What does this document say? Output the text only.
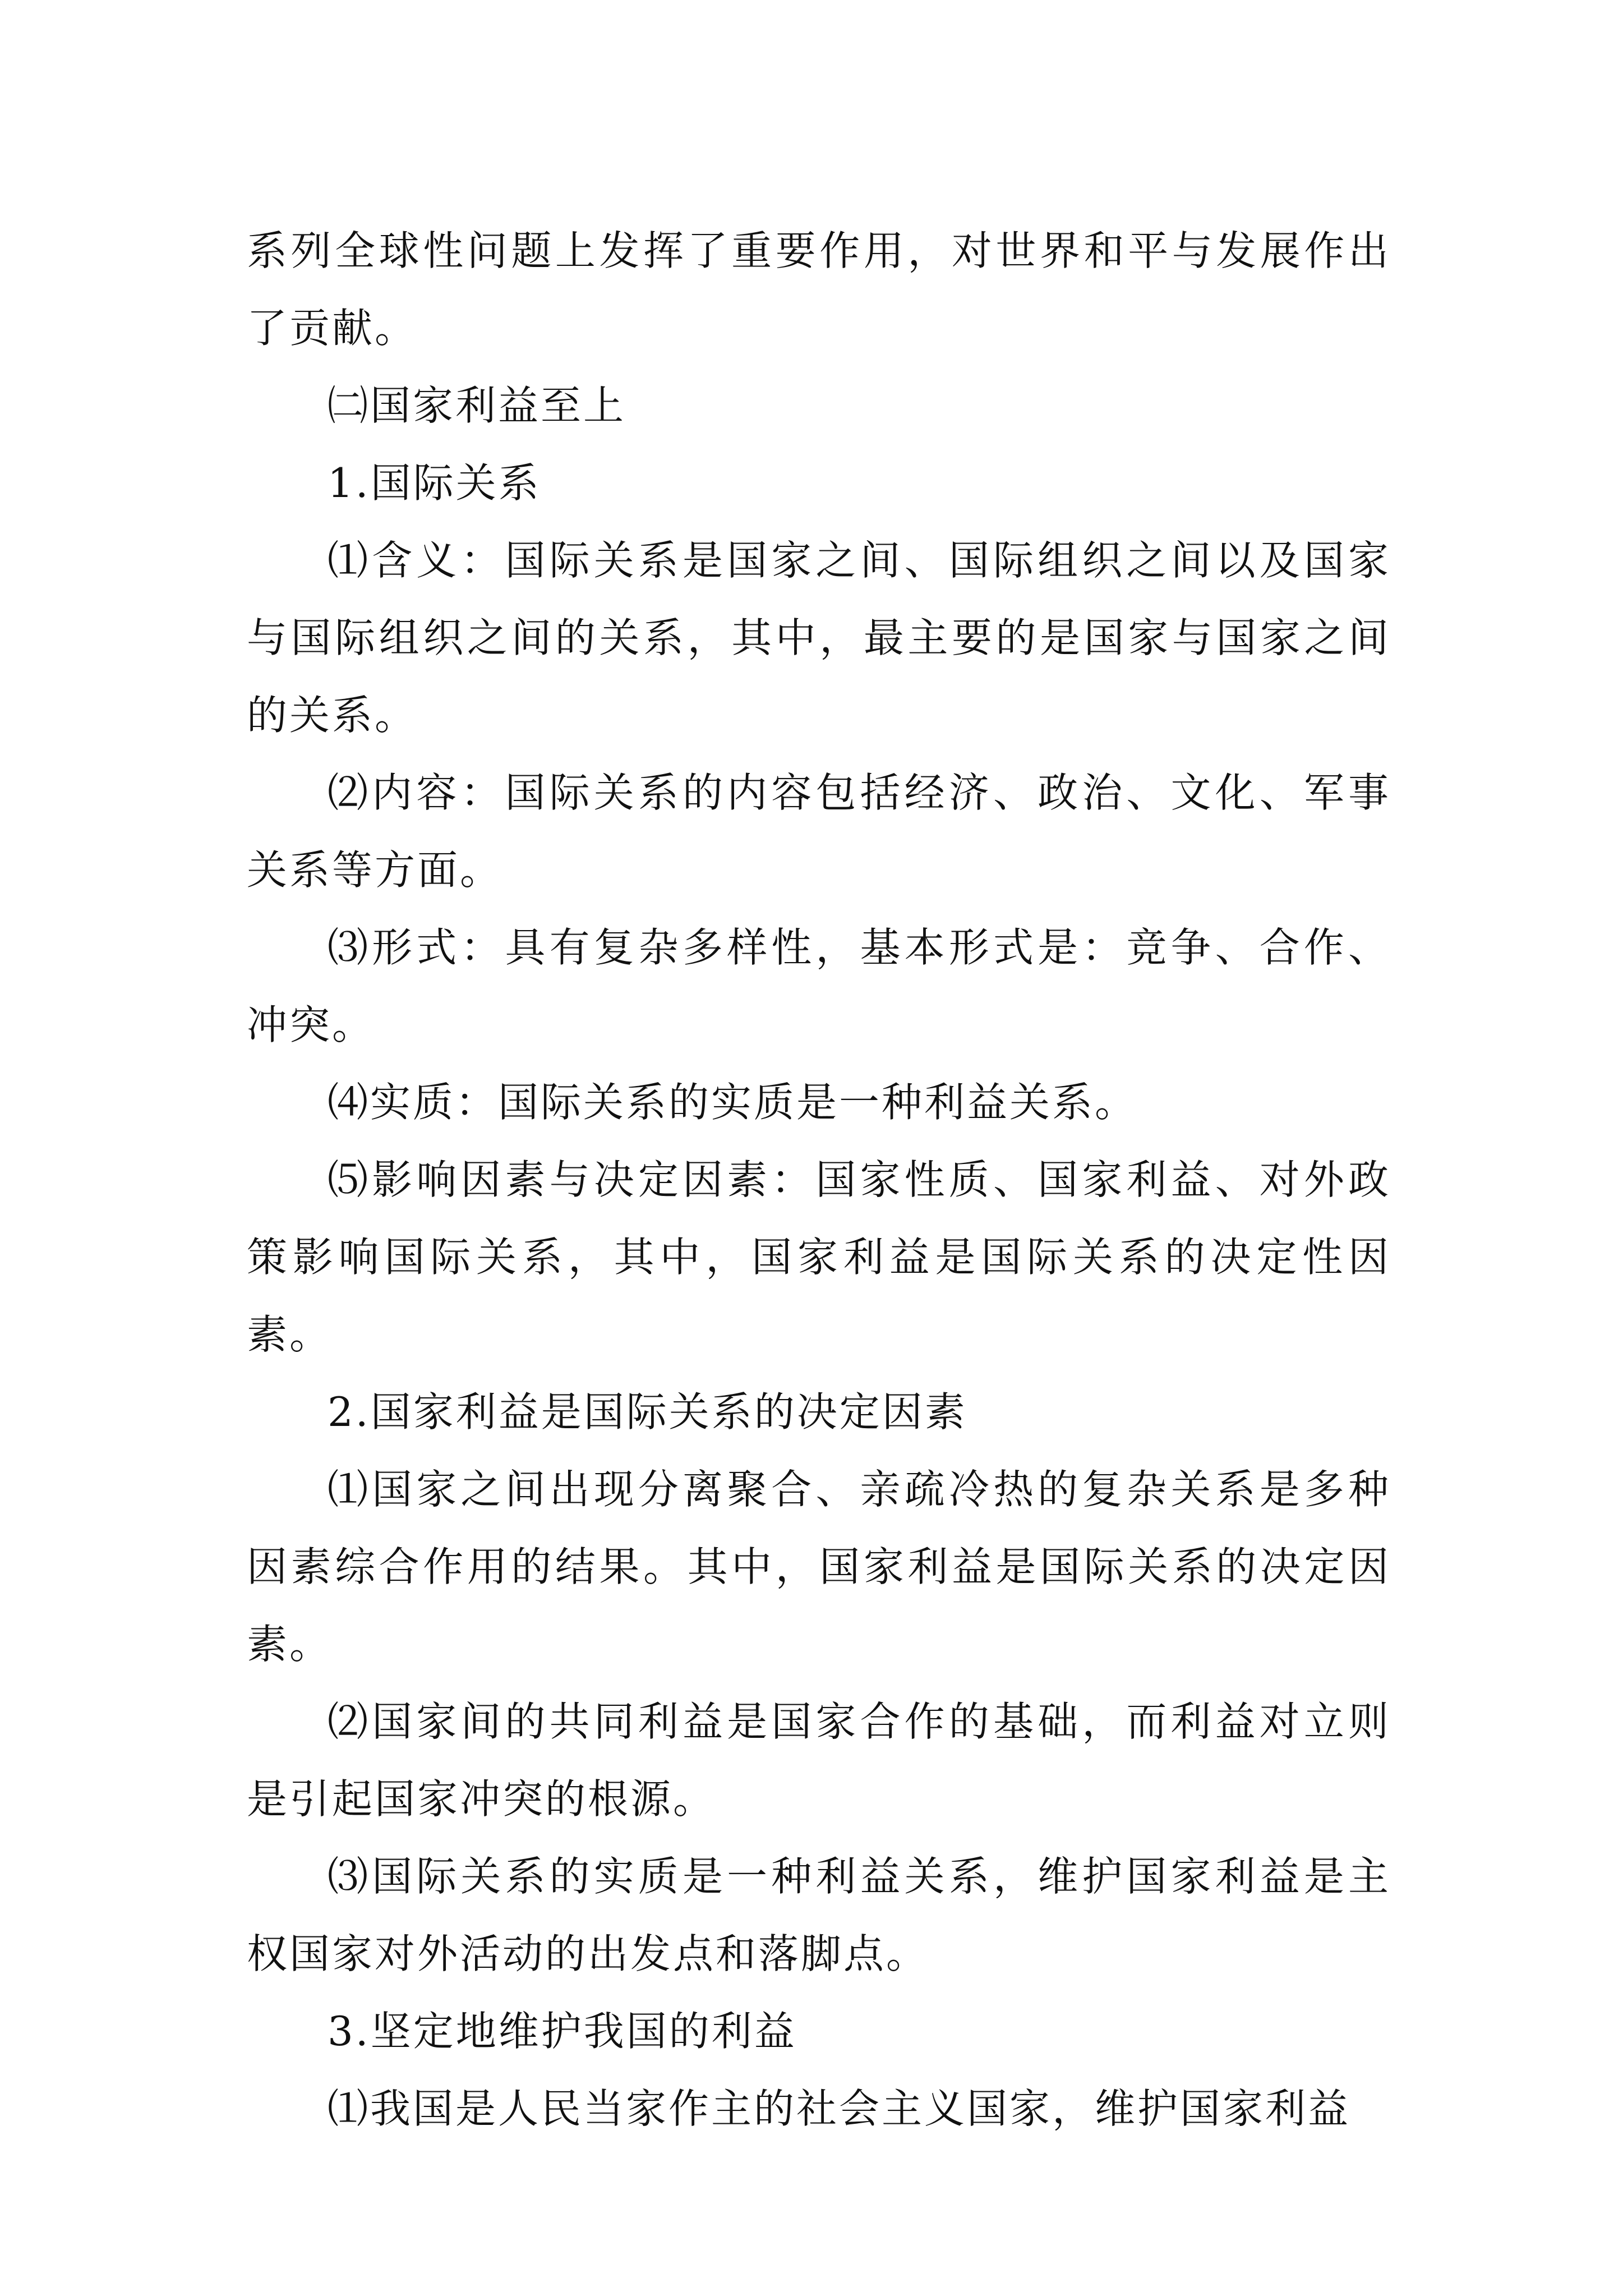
系列全球性问题上发挥了重要作用，对世界和平与发展作出了贡献。

㈡国家利益至上

1.国际关系

⑴含义：国际关系是国家之间、国际组织之间以及国家与国际组织之间的关系，其中，最主要的是国家与国家之间的关系。

⑵内容：国际关系的内容包括经济、政治、文化、军事关系等方面。

⑶形式：具有复杂多样性，基本形式是：竞争、合作、冲突。

⑷实质：国际关系的实质是一种利益关系。

⑸影响因素与决定因素：国家性质、国家利益、对外政策影响国际关系，其中，国家利益是国际关系的决定性因素。

2.国家利益是国际关系的决定因素

⑴国家之间出现分离聚合、亲疏冷热的复杂关系是多种因素综合作用的结果。其中，国家利益是国际关系的决定因素。

⑵国家间的共同利益是国家合作的基础，而利益对立则是引起国家冲突的根源。

⑶国际关系的实质是一种利益关系，维护国家利益是主权国家对外活动的出发点和落脚点。

3.坚定地维护我国的利益

⑴我国是人民当家作主的社会主义国家，维护国家利益
